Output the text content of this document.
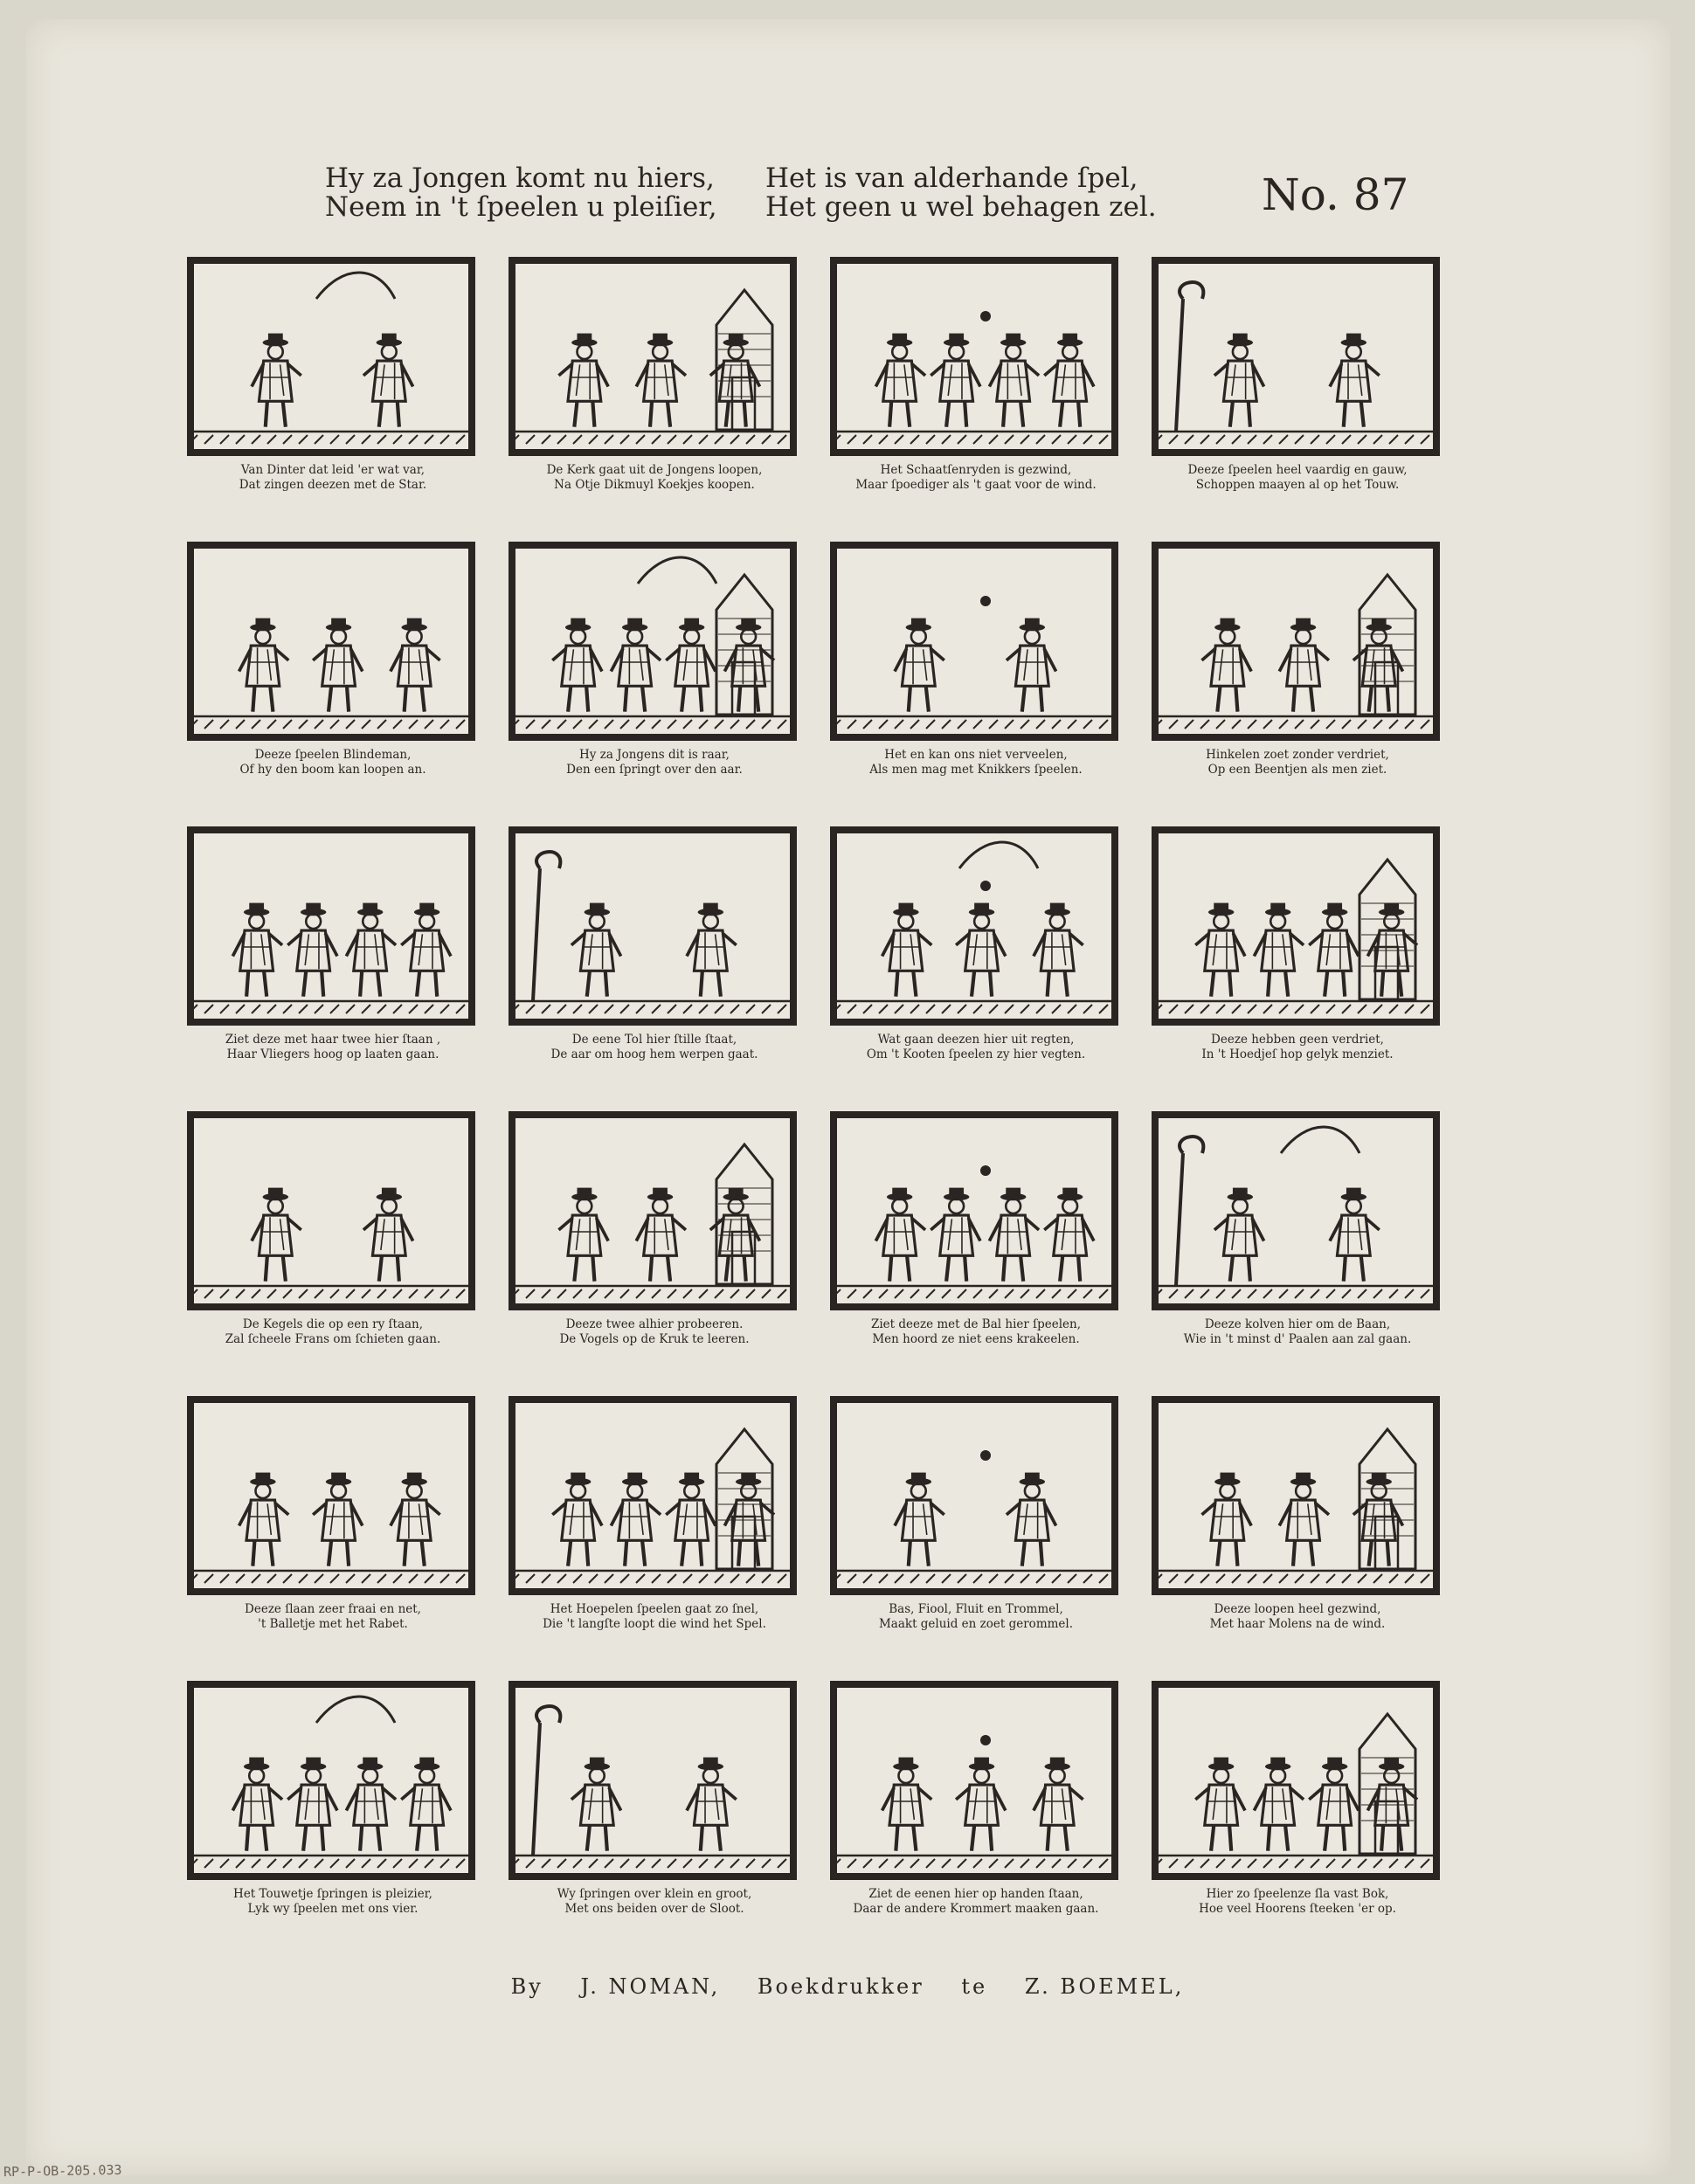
Hy za Jongen komt nu hiers,
Neem in 't ſpeelen u pleiſier,
Het is van alderhande ſpel,
Het geen u wel behagen zel. No. 87
Van Dinter dat leid 'er wat var,
Dat zingen deezen met de Star.
De Kerk gaat uit de Jongens loopen,
Na Otje Dikmuyl Koekjes koopen.
Het Schaatſenryden is gezwind,
Maar ſpoediger als 't gaat voor de wind.
Deeze ſpeelen heel vaardig en gauw,
Schoppen maayen al op het Touw.
Deeze ſpeelen Blindeman,
Of hy den boom kan loopen an.
Hy za Jongens dit is raar,
Den een ſpringt over den aar.
Het en kan ons niet verveelen,
Als men mag met Knikkers ſpeelen.
Hinkelen zoet zonder verdriet,
Op een Beentjen als men ziet.
Ziet deze met haar twee hier ſtaan ,
Haar Vliegers hoog op laaten gaan.
De eene Tol hier ſtille ſtaat,
De aar om hoog hem werpen gaat.
Wat gaan deezen hier uit regten,
Om 't Kooten ſpeelen zy hier vegten.
Deeze hebben geen verdriet,
In 't Hoedjeſ hop gelyk menziet.
De Kegels die op een ry ſtaan,
Zal ſcheele Frans om ſchieten gaan.
Deeze twee alhier probeeren.
De Vogels op de Kruk te leeren.
Ziet deeze met de Bal hier ſpeelen,
Men hoord ze niet eens krakeelen.
Deeze kolven hier om de Baan,
Wie in 't minst d' Paalen aan zal gaan.
Deeze ſlaan zeer fraai en net,
't Balletje met het Rabet.
Het Hoepelen ſpeelen gaat zo ſnel,
Die 't langſte loopt die wind het Spel.
Bas, Fiool, Fluit en Trommel,
Maakt geluid en zoet gerommel.
Deeze loopen heel gezwind,
Met haar Molens na de wind.
Het Touwetje ſpringen is pleizier,
Lyk wy ſpeelen met ons vier.
Wy ſpringen over klein en groot,
Met ons beiden over de Sloot.
Ziet de eenen hier op handen ſtaan,
Daar de andere Krommert maaken gaan.
Hier zo ſpeelenze ſla vast Bok,
Hoe veel Hoorens ſteeken 'er op.
By J. NOMAN, Boekdrukker te Z. BOEMEL,
RP-P-OB-205.033
